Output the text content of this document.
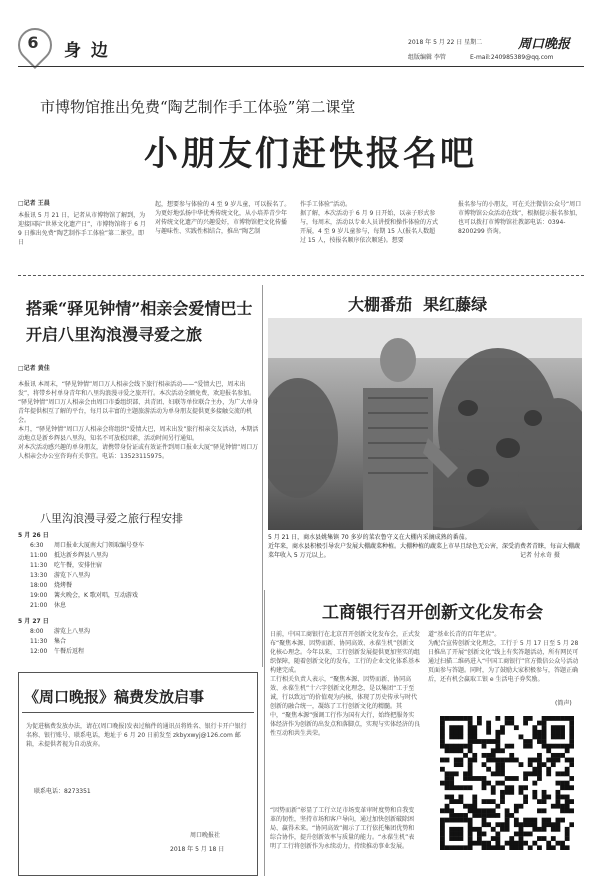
6 身 边	2018 年 5 月 22 日 星期二	周口晚报
组版编辑 李管	E-mail:240985389@qq.com
市博物馆推出免费“陶艺制作手工体验”第二课堂
小朋友们赶快报名吧
□记者 王晨
本报讯 5 月 21 日，记者从市博物馆了解到，为迎接国际“世界文化遗产日”，市博物馆将于 6 月 9 日推出免费“陶艺制作手工体验”第二课堂。即日
起，想要参与体验的 4 至 9 岁儿童，可以报名了。
为更好地弘扬中华优秀传统文化，从小培养青少年对传统文化遗产的兴趣爱好，市博物馆把文化传播与趣味性、实践性相结合，推出“陶艺制
作手工体验”活动。
据了解，本次活动于 6 月 9 日开始，以亲子形式参与，每周末，活动以专业人员讲授和操作体验的方式开展，4 至 9 岁儿童参与，每期 15 人(报名人数超过 15 人，按报名顺序依次顺延)。想要
报名参与的小朋友，可在关注微信公众号“周口市博物馆公众活动在线”，根据提示报名参加，也可以拨打市博物馆社教部电话：0394-8200299 咨询。
搭乘“驿见钟情”相亲会爱情巴士
开启八里沟浪漫寻爱之旅
□记者 黄佳
本报讯 本周末，“驿见钟情”周口万人相亲会线下旅行相亲活动——“爱情大巴，周末出发”，将带乡村单身青年和八里沟浪漫寻爱之旅开行。本次活动全额免费，欢迎报名参加。
“驿见钟情”周口万人相亲会由周口市委组织部、共青团、妇联等单位联合主办，为广大单身青年提供相互了解的平台，每月以丰富的主题旅游活动为单身朋友提供更多接触交流的机会。
本月，“驿见钟情”周口万人相亲会将组织“爱情大巴，周末出发”旅行相亲交友活动，本期活动地点是新乡辉县八里沟，知名不可放松因素，活动时间另行通知。
对本次活动感兴趣的单身朋友，请携带身份证或有效证件到周口报业大厦“驿见钟情”周口万人相亲会办公室咨询有关事宜。电话：13523115975。
八里沟浪漫寻爱之旅行程安排
5 月 26 日
6:30 周口报业大厦南大门领取编号登车
11:00 抵达新乡辉县八里沟
11:30 吃午餐，安排住宿
13:30 游览下八里沟
18:00 烧烤餐
19:00 篝火晚会，K 歌对唱，互动游戏
21:00 休息
5 月 27 日
8:00 游览上八里沟
11:30 集合
12:00 午餐后返程
大棚番茄  果红藤绿
5 月 21 日，商水县姚集镇 70 多岁的菜农鲁守义在大棚内采摘成熟的番茄。
近年来，商水县积极引导农户发展大棚蔬菜种植。大棚种植的蔬菜上市早且绿色无公害，深受消费者青睐，每亩大棚蔬菜年收入 5 万元以上。	记者 付永奇 摄
《周口晚报》稿费发放启事
为促进稿费发放办法，请在(周口晚报)发表过稿件的通讯员将姓名、银行卡开户银行名称、银行账号、联系电话，地址于 6 月 20 日前发至 zkbyxwyj@126.com 邮箱，未提供者视为自动放弃。
联系电话：8273351
周口晚报社
2018 年 5 月 18 日
工商银行召开创新文化发布会
日前，中国工商银行在北京召开创新文化发布会，正式发布“聚焦本源、因势而新、协同高效、永葆生机”创新文化核心理念。今年以来，工行创新发展提供更加坚实的组织保障，随着创新文化的发布，工行的企业文化体系基本构建完成。
工行相关负责人表示，“聚焦本源、因势而新、协同高效、永葆生机”十六字创新文化理念，是以集团“工于至诚，行以致远”的价值观为内核，体现了历史传承与时代创新的融合统一，凝练了工行创新文化的精髓。其中，“聚焦本源”强调工行作为国有大行，始终把服务实体经济作为创新的出发点和落脚点，实现与实体经济的良性互动和共生共荣。
“因势而新”彰显了工行立足市场变革审时度势和自我变革的韧性，坚持市场和客户导向，通过加快创新破除困局、赢得未来。“协同高效”揭示了工行依托集团优势和综合协作，提升创新效率与质量的能力。“永葆生机”表明了工行将创新作为永续动力，持续推动事业发展。
道“基业长青的百年老店”。
为配合宣传创新文化理念，工行于 5 月 17 日至 5 月 28 日推出了开展“创新文化”线上有奖答题活动，所有网民可通过扫描二维码进入“中国工商银行”官方微信公众号活动页面参与答题。同时，为了鼓励大家积极参与，答题正确后，还有机会赢取工银 e 生活电子券奖励。
(简声)
